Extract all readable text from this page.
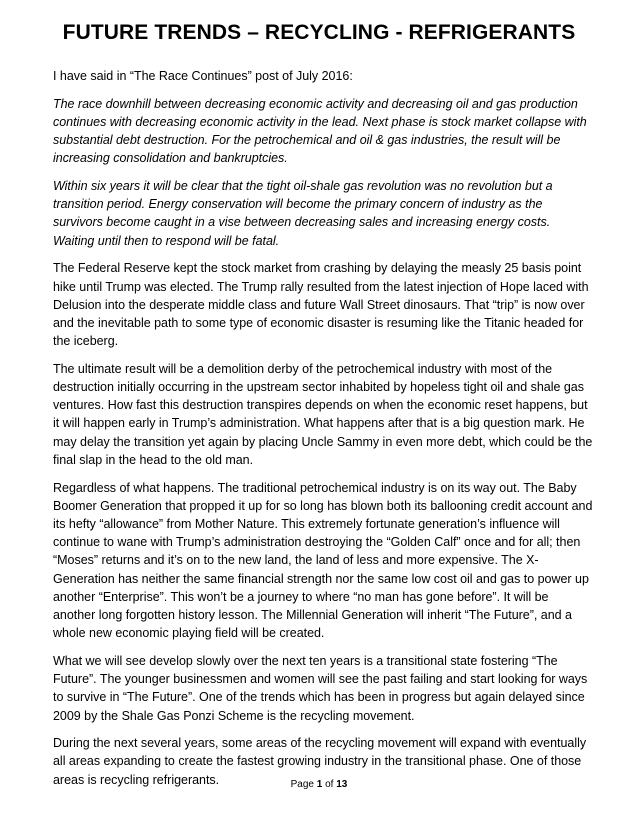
FUTURE TRENDS – RECYCLING - REFRIGERANTS

I have said in “The Race Continues” post of July 2016:

The race downhill between decreasing economic activity and decreasing oil and gas production continues with decreasing economic activity in the lead. Next phase is stock market collapse with substantial debt destruction. For the petrochemical and oil & gas industries, the result will be increasing consolidation and bankruptcies.

Within six years it will be clear that the tight oil-shale gas revolution was no revolution but a transition period. Energy conservation will become the primary concern of industry as the survivors become caught in a vise between decreasing sales and increasing energy costs. Waiting until then to respond will be fatal.

The Federal Reserve kept the stock market from crashing by delaying the measly 25 basis point hike until Trump was elected. The Trump rally resulted from the latest injection of Hope laced with Delusion into the desperate middle class and future Wall Street dinosaurs. That “trip” is now over and the inevitable path to some type of economic disaster is resuming like the Titanic headed for the iceberg.

The ultimate result will be a demolition derby of the petrochemical industry with most of the destruction initially occurring in the upstream sector inhabited by hopeless tight oil and shale gas ventures. How fast this destruction transpires depends on when the economic reset happens, but it will happen early in Trump’s administration. What happens after that is a big question mark. He may delay the transition yet again by placing Uncle Sammy in even more debt, which could be the final slap in the head to the old man.

Regardless of what happens. The traditional petrochemical industry is on its way out. The Baby Boomer Generation that propped it up for so long has blown both its ballooning credit account and its hefty “allowance” from Mother Nature. This extremely fortunate generation’s influence will continue to wane with Trump’s administration destroying the “Golden Calf” once and for all; then “Moses” returns and it’s on to the new land, the land of less and more expensive. The X-Generation has neither the same financial strength nor the same low cost oil and gas to power up another “Enterprise”. This won’t be a journey to where “no man has gone before”. It will be another long forgotten history lesson. The Millennial Generation will inherit “The Future”, and a whole new economic playing field will be created.

What we will see develop slowly over the next ten years is a transitional state fostering “The Future”. The younger businessmen and women will see the past failing and start looking for ways to survive in “The Future”. One of the trends which has been in progress but again delayed since 2009 by the Shale Gas Ponzi Scheme is the recycling movement.

During the next several years, some areas of the recycling movement will expand with eventually all areas expanding to create the fastest growing industry in the transitional phase. One of those areas is recycling refrigerants.	Page 1 of 13
